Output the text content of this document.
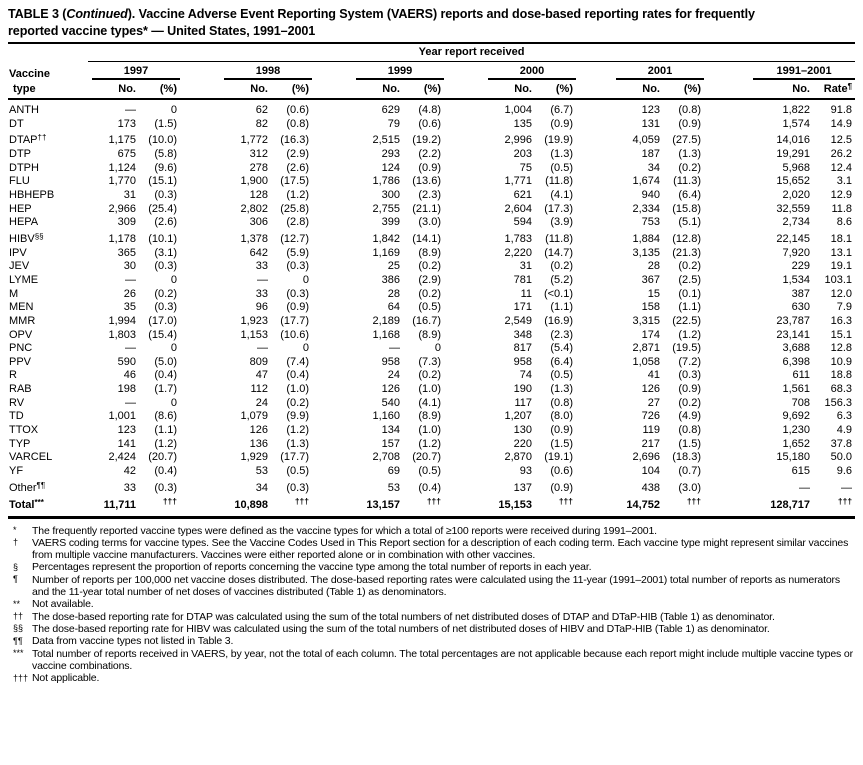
TABLE 3 (Continued). Vaccine Adverse Event Reporting System (VAERS) reports and dose-based reporting rates for frequently
reported vaccine types* — United States, 1991–2001

	Year report received											

Vaccine	1997		1998		1999		2000		2001		1991–2001	

type	No.	(%)	No.	(%)	No.	(%)	No.	(%)	No.	(%)	No.	Rate¶
ANTH	—	0	62	(0.6)	629	(4.8)	1,004	(6.7)	123	(0.8)	1,822	91.8
DT	173	(1.5)	82	(0.8)	79	(0.6)	135	(0.9)	131	(0.9)	1,574	14.9
DTAP††	1,175	(10.0)	1,772	(16.3)	2,515	(19.2)	2,996	(19.9)	4,059	(27.5)	14,016	12.5
DTP	675	(5.8)	312	(2.9)	293	(2.2)	203	(1.3)	187	(1.3)	19,291	26.2
DTPH	1,124	(9.6)	278	(2.6)	124	(0.9)	75	(0.5)	34	(0.2)	5,968	12.4
FLU	1,770	(15.1)	1,900	(17.5)	1,786	(13.6)	1,771	(11.8)	1,674	(11.3)	15,652	3.1
HBHEPB	31	(0.3)	128	(1.2)	300	(2.3)	621	(4.1)	940	(6.4)	2,020	12.9
HEP	2,966	(25.4)	2,802	(25.8)	2,755	(21.1)	2,604	(17.3)	2,334	(15.8)	32,559	11.8
HEPA	309	(2.6)	306	(2.8)	399	(3.0)	594	(3.9)	753	(5.1)	2,734	8.6
HIBV§§	1,178	(10.1)	1,378	(12.7)	1,842	(14.1)	1,783	(11.8)	1,884	(12.8)	22,145	18.1
IPV	365	(3.1)	642	(5.9)	1,169	(8.9)	2,220	(14.7)	3,135	(21.3)	7,920	13.1
JEV	30	(0.3)	33	(0.3)	25	(0.2)	31	(0.2)	28	(0.2)	229	19.1
LYME	—	0	—	0	386	(2.9)	781	(5.2)	367	(2.5)	1,534	103.1
M	26	(0.2)	33	(0.3)	28	(0.2)	11	(<0.1)	15	(0.1)	387	12.0
MEN	35	(0.3)	96	(0.9)	64	(0.5)	171	(1.1)	158	(1.1)	630	7.9
MMR	1,994	(17.0)	1,923	(17.7)	2,189	(16.7)	2,549	(16.9)	3,315	(22.5)	23,787	16.3
OPV	1,803	(15.4)	1,153	(10.6)	1,168	(8.9)	348	(2.3)	174	(1.2)	23,141	15.1
PNC	—	0	—	0	—	0	817	(5.4)	2,871	(19.5)	3,688	12.8
PPV	590	(5.0)	809	(7.4)	958	(7.3)	958	(6.4)	1,058	(7.2)	6,398	10.9
R	46	(0.4)	47	(0.4)	24	(0.2)	74	(0.5)	41	(0.3)	611	18.8
RAB	198	(1.7)	112	(1.0)	126	(1.0)	190	(1.3)	126	(0.9)	1,561	68.3
RV	—	0	24	(0.2)	540	(4.1)	117	(0.8)	27	(0.2)	708	156.3
TD	1,001	(8.6)	1,079	(9.9)	1,160	(8.9)	1,207	(8.0)	726	(4.9)	9,692	6.3
TTOX	123	(1.1)	126	(1.2)	134	(1.0)	130	(0.9)	119	(0.8)	1,230	4.9
TYP	141	(1.2)	136	(1.3)	157	(1.2)	220	(1.5)	217	(1.5)	1,652	37.8
VARCEL	2,424	(20.7)	1,929	(17.7)	2,708	(20.7)	2,870	(19.1)	2,696	(18.3)	15,180	50.0
YF	42	(0.4)	53	(0.5)	69	(0.5)	93	(0.6)	104	(0.7)	615	9.6
Other¶¶	33	(0.3)	34	(0.3)	53	(0.4)	137	(0.9)	438	(3.0)	—	—
Total***	11,711	†††	10,898	†††	13,157	†††	15,153	†††	14,752	†††	128,717	†††
*	The frequently reported vaccine types were defined as the vaccine types for which a total of ≥100 reports were received during 1991–2001.
†	VAERS coding terms for vaccine types. See the Vaccine Codes Used in This Report section for a description of each coding term. Each vaccine type might represent similar vaccines from multiple vaccine manufacturers. Vaccines were either reported alone or in combination with other vaccines.
§	Percentages represent the proportion of reports concerning the vaccine type among the total number of reports in each year.
¶	Number of reports per 100,000 net vaccine doses distributed. The dose-based reporting rates were calculated using the 11-year (1991–2001) total number of reports as numerators and the 11-year total number of net doses of vaccines distributed (Table 1) as denominators.
**	Not available.
†† The dose-based reporting rate for DTAP was calculated using the sum of the total numbers of net distributed doses of DTAP and DTaP-HIB (Table 1) as denominator.
§§ The dose-based reporting rate for HIBV was calculated using the sum of the total numbers of net distributed doses of HIBV and DTaP-HIB (Table 1) as denominator.
¶¶ Data from vaccine types not listed in Table 3.
*** Total number of reports received in VAERS, by year, not the total of each column. The total percentages are not applicable because each report might include multiple vaccine types or vaccine combinations.
††† Not applicable.
